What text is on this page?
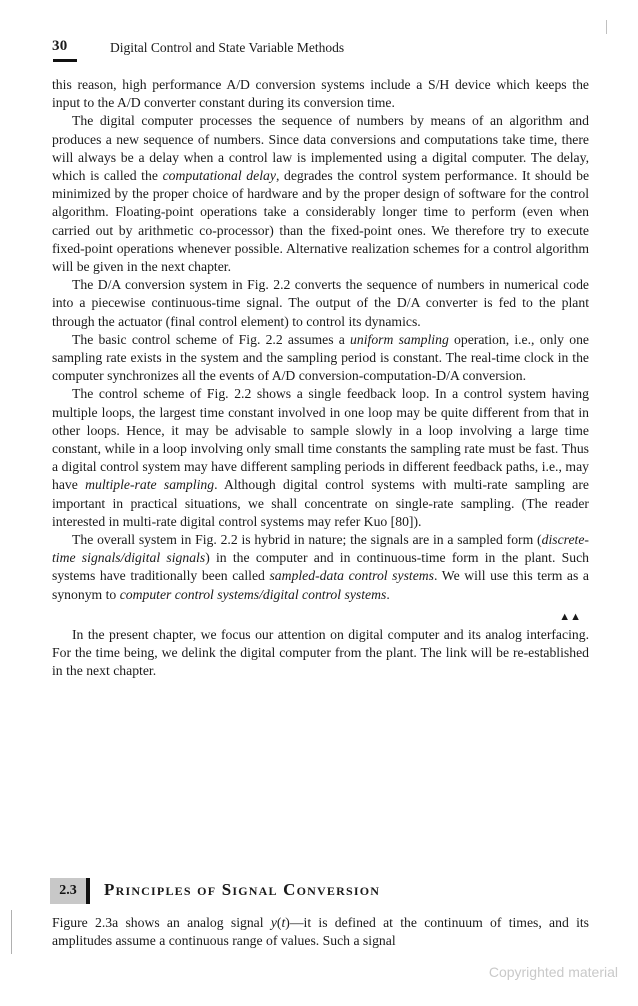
30	Digital Control and State Variable Methods

this reason, high performance A/D conversion systems include a S/H device which keeps the input to the A/D converter constant during its conversion time.

The digital computer processes the sequence of numbers by means of an algorithm and produces a new sequence of numbers. Since data conversions and computations take time, there will always be a delay when a control law is implemented using a digital computer. The delay, which is called the computational delay, degrades the control system performance. It should be minimized by the proper choice of hardware and by the proper design of software for the control algorithm. Floating-point operations take a considerably longer time to perform (even when carried out by arithmetic co-processor) than the fixed-point ones. We therefore try to execute fixed-point operations whenever possible. Alternative realization schemes for a control algorithm will be given in the next chapter.

The D/A conversion system in Fig. 2.2 converts the sequence of numbers in numerical code into a piecewise continuous-time signal. The output of the D/A converter is fed to the plant through the actuator (final control element) to control its dynamics.

The basic control scheme of Fig. 2.2 assumes a uniform sampling operation, i.e., only one sampling rate exists in the system and the sampling period is constant. The real-time clock in the computer synchronizes all the events of A/D conversion-computation-D/A conversion.

The control scheme of Fig. 2.2 shows a single feedback loop. In a control system having multiple loops, the largest time constant involved in one loop may be quite different from that in other loops. Hence, it may be advisable to sample slowly in a loop involving a large time constant, while in a loop involving only small time constants the sampling rate must be fast. Thus a digital control system may have different sampling periods in different feedback paths, i.e., may have multiple-rate sampling. Although digital control systems with multi-rate sampling are important in practical situations, we shall concentrate on single-rate sampling. (The reader interested in multi-rate digital control systems may refer Kuo [80]).

The overall system in Fig. 2.2 is hybrid in nature; the signals are in a sampled form (discrete-time signals/digital signals) in the computer and in continuous-time form in the plant. Such systems have traditionally been called sampled-data control systems. We will use this term as a synonym to computer control systems/digital control systems.

▲▲

In the present chapter, we focus our attention on digital computer and its analog interfacing. For the time being, we delink the digital computer from the plant. The link will be re-established in the next chapter.

2.3	Principles of Signal Conversion

Figure 2.3a shows an analog signal y(t)—it is defined at the continuum of times, and its amplitudes assume a continuous range of values. Such a signal

Copyrighted material
